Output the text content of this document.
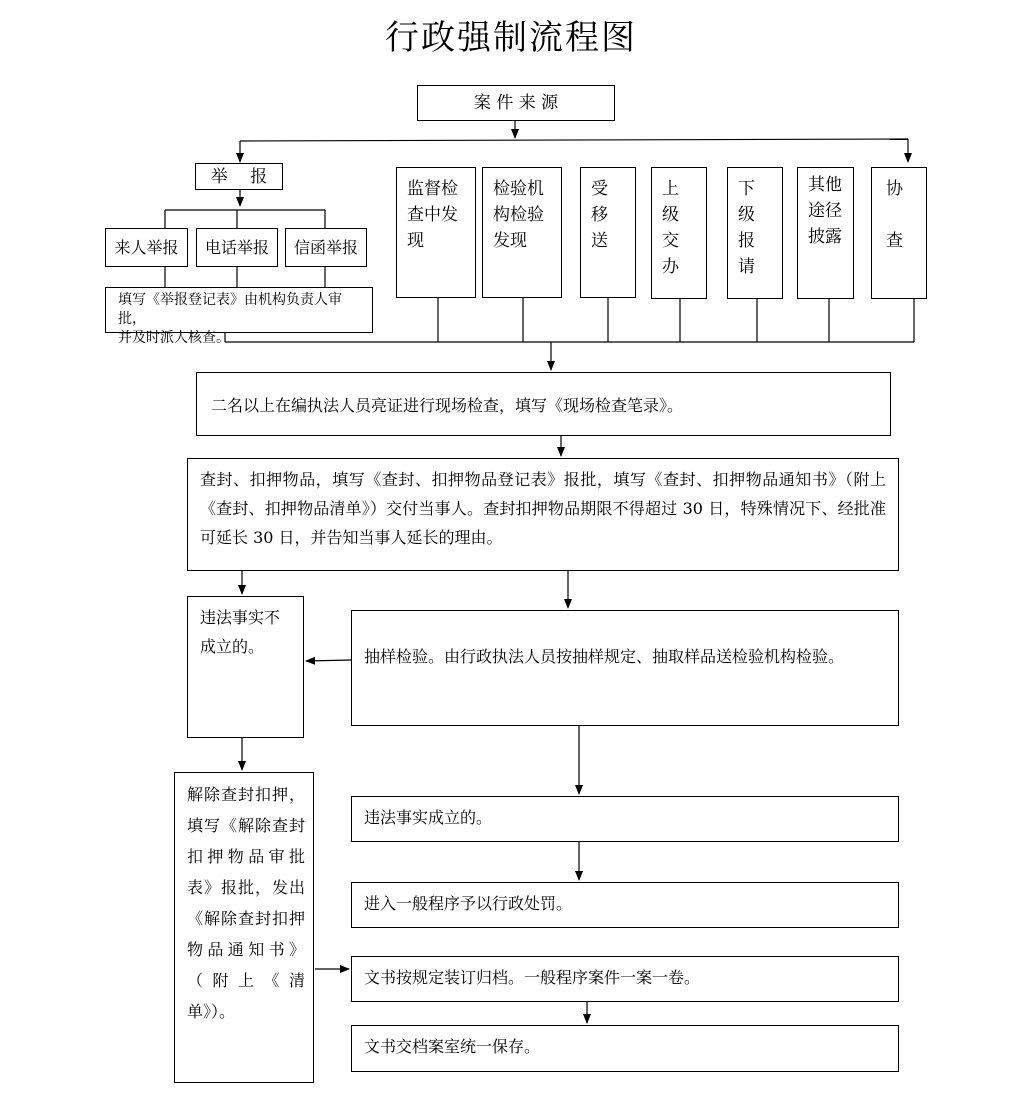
行政强制流程图
案 件 来 源
举　 报
来人举报	电话举报	信函举报
填写《举报登记表》由机构负责人审批，
并及时派人核查。
监督检
查中发
现
检验机
构检验
发现
受
移
送
上
级
交
办
下
级
报
请
其他
途径
披露
协

查
二名以上在编执法人员亮证进行现场检查，填写《现场检查笔录》。
查封、扣押物品，填写《查封、扣押物品登记表》报批，填写《查封、扣押物品通知书》（附上《查封、扣押物品清单》）交付当事人。查封扣押物品期限不得超过 30 日，特殊情况下、经批准可延长 30 日，并告知当事人延长的理由。
违法事实不
成立的。
抽样检验。由行政执法人员按抽样规定、抽取样品送检验机构检验。
解除查封扣押，填写《解除查封扣押物品审批表》报批，发出《解除查封扣押物品通知书》（附上《清单》）。
违法事实成立的。
进入一般程序予以行政处罚。
文书按规定装订归档。一般程序案件一案一卷。
文书交档案室统一保存。
